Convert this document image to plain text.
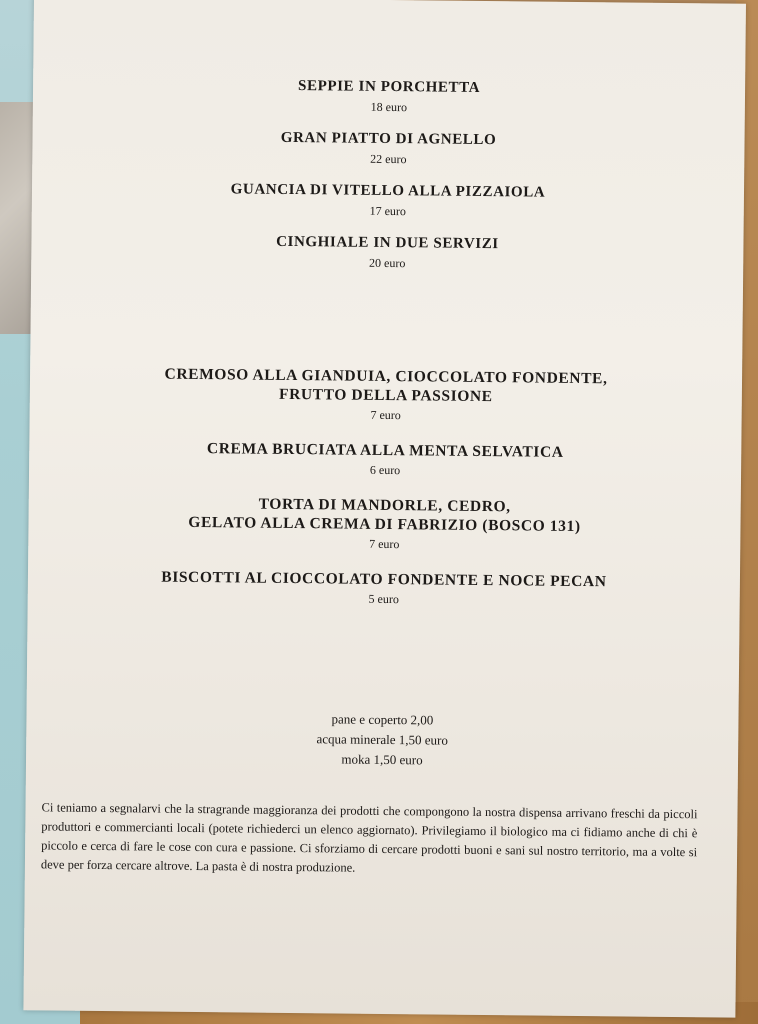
SEPPIE IN PORCHETTA
18 euro
GRAN PIATTO DI AGNELLO
22 euro
GUANCIA DI VITELLO ALLA PIZZAIOLA
17 euro
CINGHIALE IN DUE SERVIZI
20 euro
CREMOSO ALLA GIANDUIA, CIOCCOLATO FONDENTE,
FRUTTO DELLA PASSIONE
7 euro
CREMA BRUCIATA ALLA MENTA SELVATICA
6 euro
TORTA DI MANDORLE, CEDRO,
GELATO ALLA CREMA DI FABRIZIO (BOSCO 131)
7 euro
BISCOTTI AL CIOCCOLATO FONDENTE E NOCE PECAN
5 euro
pane e coperto 2,00
acqua minerale 1,50 euro
moka 1,50 euro
Ci teniamo a segnalarvi che la stragrande maggioranza dei prodotti che compongono la nostra dispensa arrivano freschi da piccoli produttori e commercianti locali (potete richiederci un elenco aggiornato). Privilegiamo il biologico ma ci fidiamo anche di chi è piccolo e cerca di fare le cose con cura e passione. Ci sforziamo di cercare prodotti buoni e sani sul nostro territorio, ma a volte si deve per forza cercare altrove. La pasta è di nostra produzione.
